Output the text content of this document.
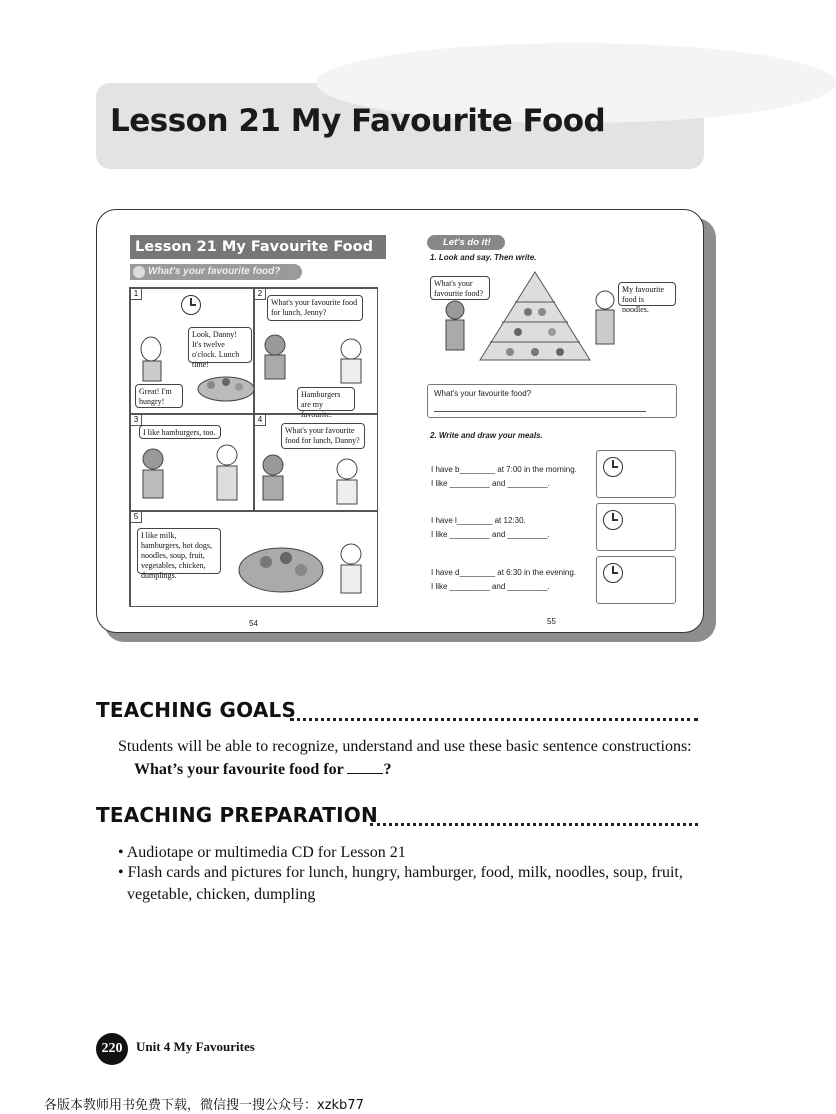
Lesson 21 My Favourite Food
Lesson 21 My Favourite Food
What's your favourite food?
1
Look, Danny! It's twelve o'clock. Lunch time!
Great! I'm hungry!
2
What's your favourite food for lunch, Jenny?
Hamburgers are my favourite.
3
I like hamburgers, too.
4
What's your favourite food for lunch, Danny?
5
I like milk, hamburgers, hot dogs, noodles, soup, fruit, vegetables, chicken, dumplings.
54
Let's do it!
1. Look and say. Then write.
What's your favourite food?	My favourite food is noodles.
What's your favourite food?
2. Write and draw your meals.
I have b________ at 7:00 in the morning.
I like _________ and _________.
I have l________ at 12:30.
I like _________ and _________.
I have d________ at 6:30 in the evening.
I like _________ and _________.
55
TEACHING GOALS
Students will be able to recognize, understand and use these basic sentence constructions:
What’s your favourite food for ?
TEACHING PREPARATION
• Audiotape or multimedia CD for Lesson 21
• Flash cards and pictures for lunch, hungry, hamburger, food, milk, noodles, soup, fruit,
vegetable, chicken, dumpling
220	Unit 4 My Favourites
各版本教师用书免费下载，微信搜一搜公众号：xzkb77
